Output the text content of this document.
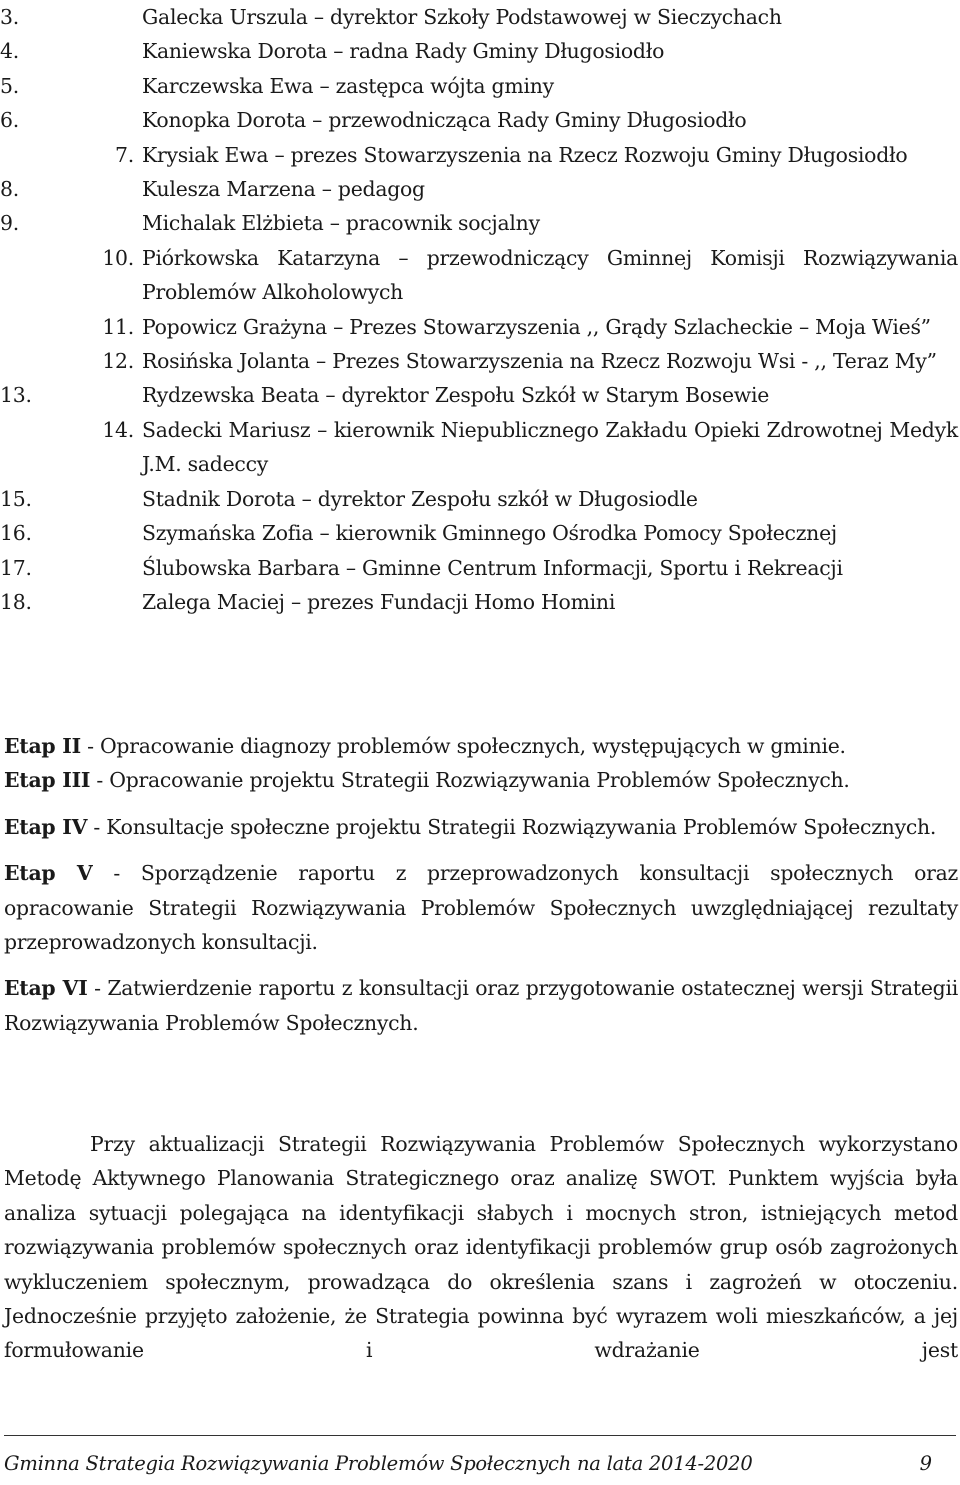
3.	Galecka Urszula – dyrektor Szkoły Podstawowej w Sieczychach
4.	Kaniewska Dorota – radna Rady Gminy Długosiodło
5.	Karczewska Ewa – zastępca wójta gminy
6.	Konopka Dorota – przewodnicząca Rady Gminy Długosiodło
7. Krysiak Ewa – prezes Stowarzyszenia na Rzecz Rozwoju Gminy Długosiodło
8.	Kulesza Marzena – pedagog
9.	Michalak Elżbieta – pracownik socjalny
10. Piórkowska Katarzyna – przewodniczący Gminnej Komisji Rozwiązywania Problemów Alkoholowych
11. Popowicz Grażyna – Prezes Stowarzyszenia ,, Grądy Szlacheckie – Moja Wieś”
12. Rosińska Jolanta – Prezes Stowarzyszenia na Rzecz Rozwoju Wsi - ,, Teraz My”
13.	Rydzewska Beata – dyrektor Zespołu Szkół w Starym Bosewie
14. Sadecki Mariusz – kierownik Niepublicznego Zakładu Opieki Zdrowotnej Medyk J.M. sadeccy
15.	Stadnik Dorota – dyrektor Zespołu szkół w Długosiodle
16.	Szymańska Zofia – kierownik Gminnego Ośrodka Pomocy Społecznej
17.	Ślubowska Barbara – Gminne Centrum Informacji, Sportu i Rekreacji
18.	Zalega Maciej – prezes Fundacji Homo Homini

Etap II - Opracowanie diagnozy problemów społecznych, występujących w gminie.

Etap III - Opracowanie projektu Strategii Rozwiązywania Problemów Społecznych.

Etap IV - Konsultacje społeczne projektu Strategii Rozwiązywania Problemów Społecznych.

Etap V - Sporządzenie raportu z przeprowadzonych konsultacji społecznych oraz opracowanie Strategii Rozwiązywania Problemów Społecznych uwzględniającej rezultaty przeprowadzonych konsultacji.

Etap VI - Zatwierdzenie raportu z konsultacji oraz przygotowanie ostatecznej wersji Strategii Rozwiązywania Problemów Społecznych.

Przy aktualizacji Strategii Rozwiązywania Problemów Społecznych wykorzystano Metodę Aktywnego Planowania Strategicznego oraz analizę SWOT. Punktem wyjścia była analiza sytuacji polegająca na identyfikacji słabych i mocnych stron, istniejących metod rozwiązywania problemów społecznych oraz identyfikacji problemów grup osób zagrożonych wykluczeniem społecznym, prowadząca do określenia szans i zagrożeń w otoczeniu. Jednocześnie przyjęto założenie, że Strategia powinna być wyrazem woli mieszkańców, a jej formułowanie i wdrażanie jest

Gminna Strategia Rozwiązywania Problemów Społecznych na lata 2014-2020	9
